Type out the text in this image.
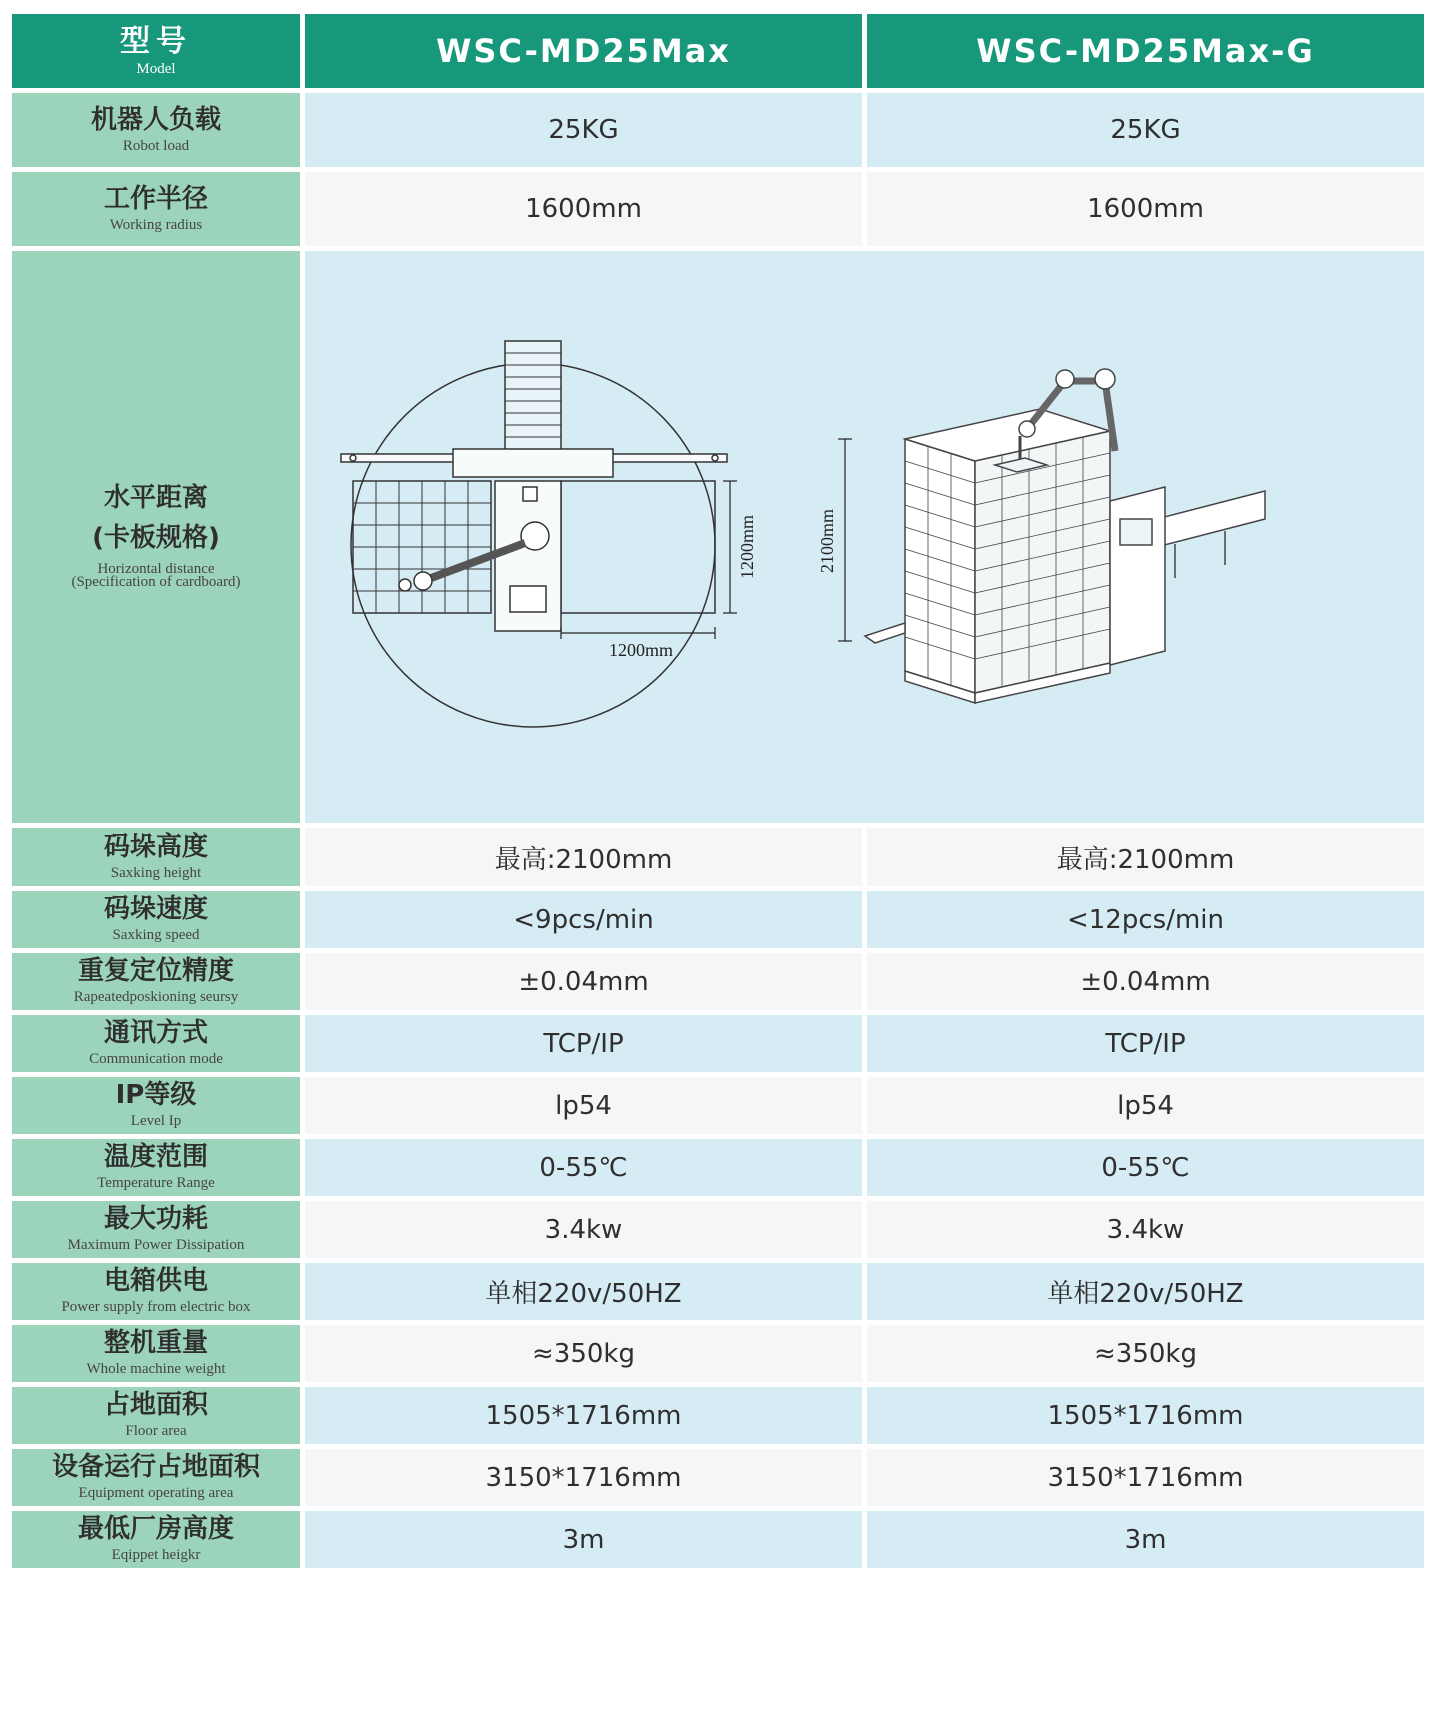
型号
Model	WSC-MD25Max	WSC-MD25Max-G
机器人负载
Robot load
25KG	25KG
工作半径
Working radius
1600mm	1600mm
水平距离
(卡板规格)
Horizontal distance
(Specification of cardboard)
1200mm
1200mm
2100mm
码垛高度
Saxking height	最高:2100mm	最高:2100mm
码垛速度
Saxking speed
<9pcs/min	<12pcs/min
重复定位精度
Rapeatedposkioning seursy
±0.04mm	±0.04mm
通讯方式
Communication mode
TCP/IP	TCP/IP
IP等级
Level Ip
lp54	lp54
温度范围
Temperature Range
0-55℃	0-55℃
最大功耗
Maximum Power Dissipation
3.4kw	3.4kw
电箱供电
Power supply from electric box	单相220v/50HZ	单相220v/50HZ
整机重量
Whole machine weight
≈350kg	≈350kg
占地面积
Floor area
1505*1716mm	1505*1716mm
设备运行占地面积
Equipment operating area
3150*1716mm	3150*1716mm
最低厂房高度
Eqippet heigkr
3m	3m
